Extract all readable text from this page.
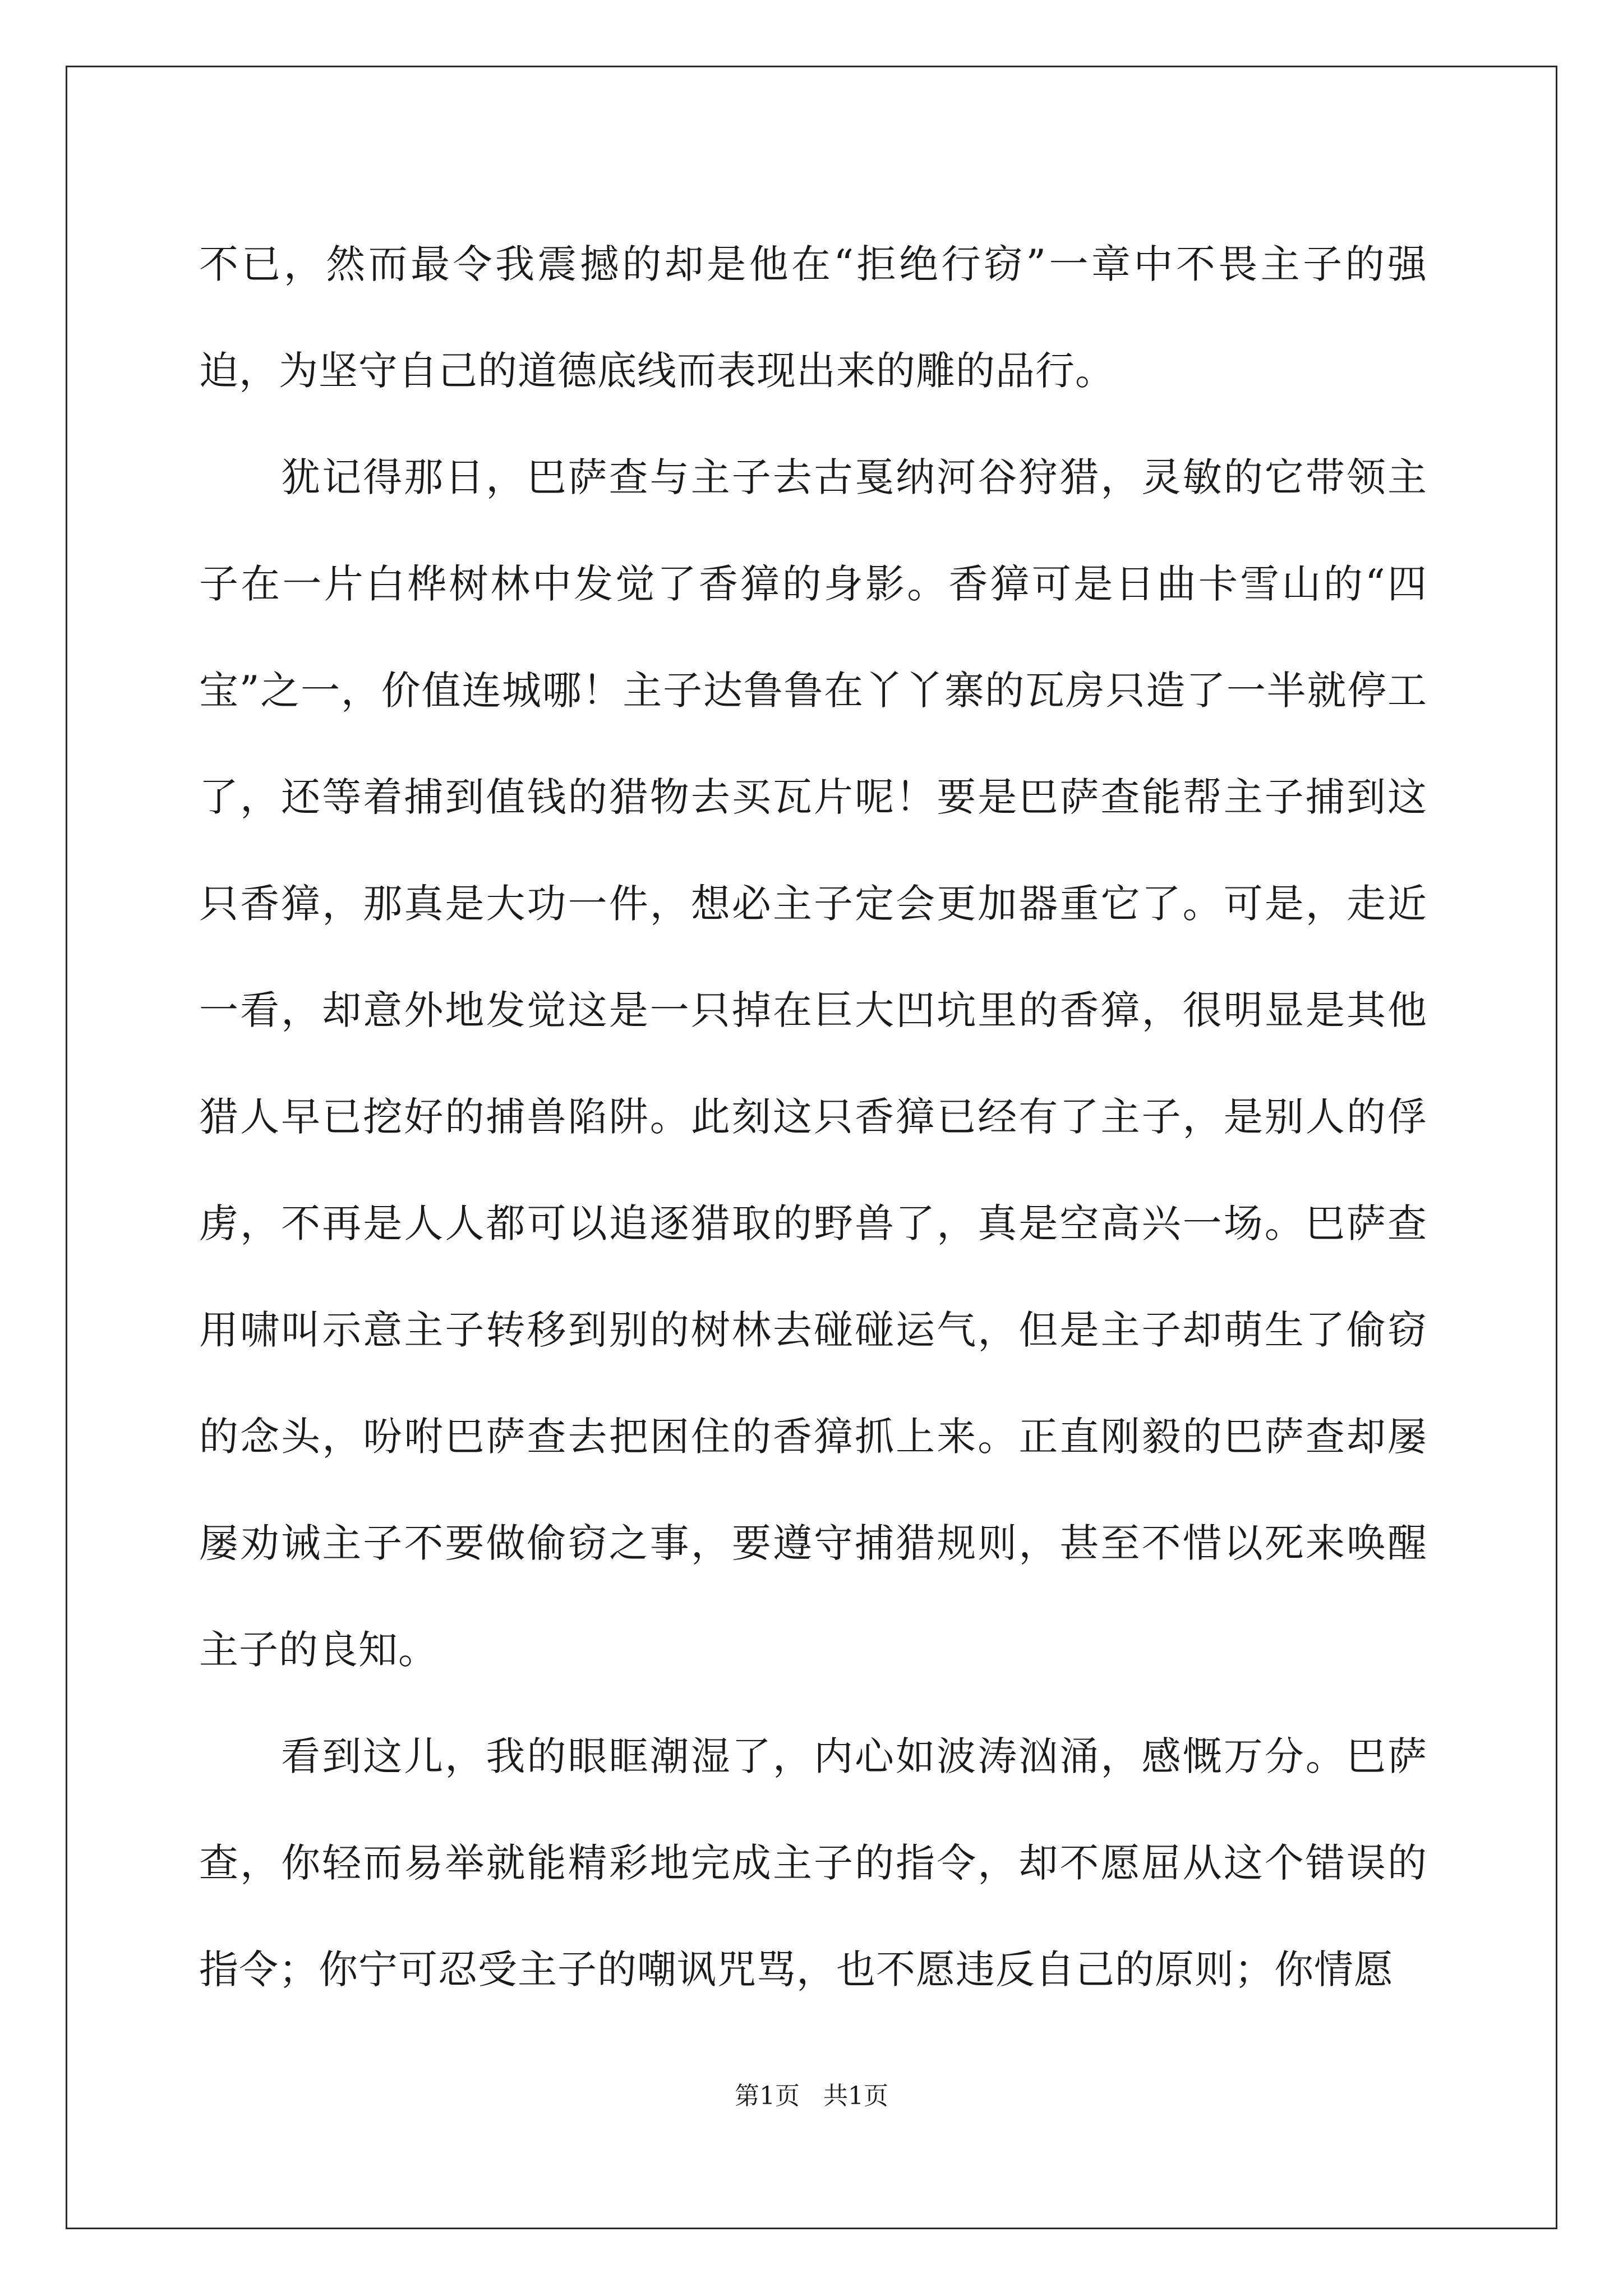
不已，然而最令我震撼的却是他在“拒绝行窃”一章中不畏主子的强迫，为坚守自己的道德底线而表现出来的雕的品行。

犹记得那日，巴萨查与主子去古戛纳河谷狩猎，灵敏的它带领主子在一片白桦树林中发觉了香獐的身影。香獐可是日曲卡雪山的“四宝”之一，价值连城哪！主子达鲁鲁在丫丫寨的瓦房只造了一半就停工了，还等着捕到值钱的猎物去买瓦片呢！要是巴萨查能帮主子捕到这只香獐，那真是大功一件，想必主子定会更加器重它了。可是，走近一看，却意外地发觉这是一只掉在巨大凹坑里的香獐，很明显是其他猎人早已挖好的捕兽陷阱。此刻这只香獐已经有了主子，是别人的俘虏，不再是人人都可以追逐猎取的野兽了，真是空高兴一场。巴萨查用啸叫示意主子转移到别的树林去碰碰运气，但是主子却萌生了偷窃的念头，吩咐巴萨查去把困住的香獐抓上来。正直刚毅的巴萨查却屡屡劝诫主子不要做偷窃之事，要遵守捕猎规则，甚至不惜以死来唤醒主子的良知。

看到这儿，我的眼眶潮湿了，内心如波涛汹涌，感慨万分。巴萨查，你轻而易举就能精彩地完成主子的指令，却不愿屈从这个错误的指令；你宁可忍受主子的嘲讽咒骂，也不愿违反自己的原则；你情愿

第1页 共1页
